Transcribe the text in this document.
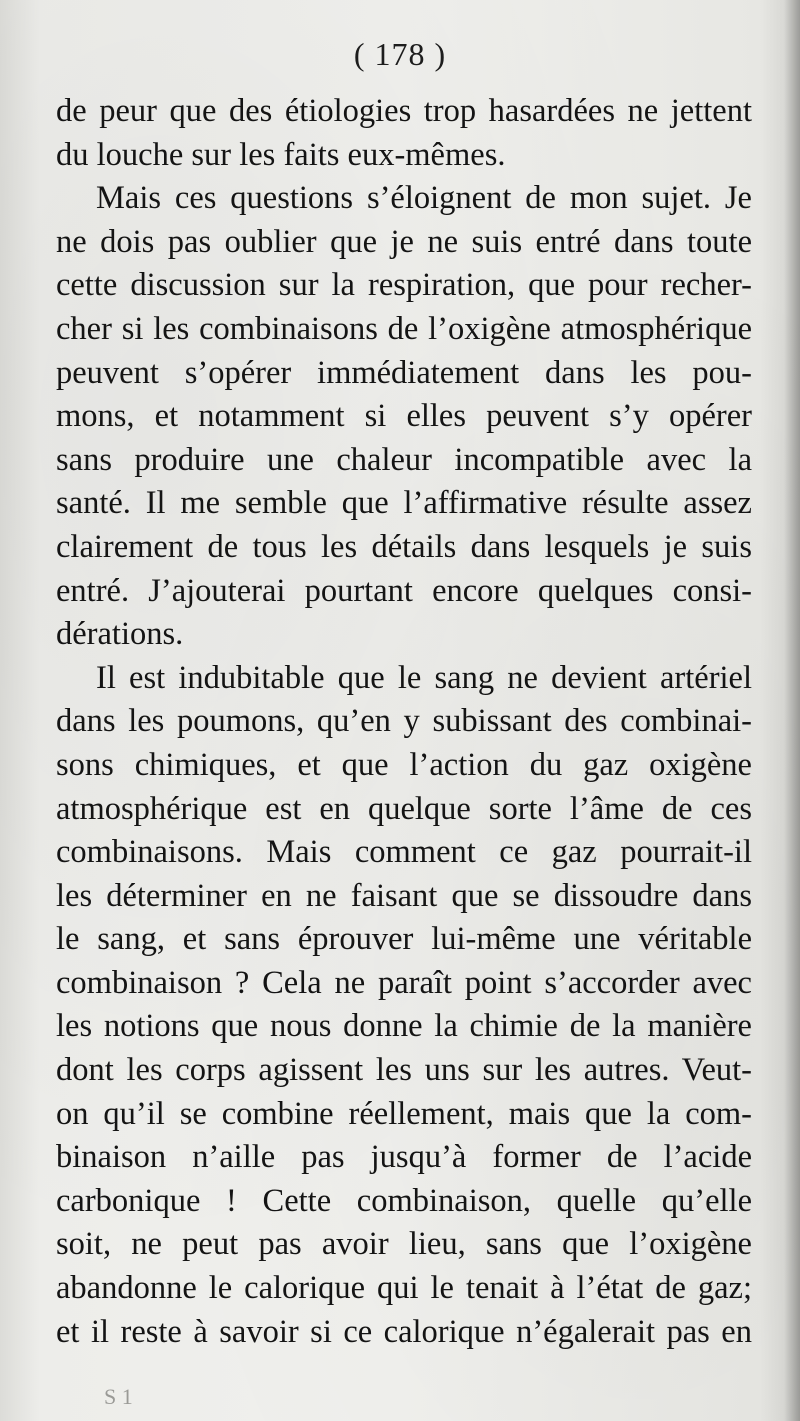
( 178 )
de peur que des étiologies trop hasardées ne jettent
du louche sur les faits eux-mêmes.
Mais ces questions s’éloignent de mon sujet. Je
ne dois pas oublier que je ne suis entré dans toute
cette discussion sur la respiration, que pour recher-
cher si les combinaisons de l’oxigène atmosphérique
peuvent s’opérer immédiatement dans les pou-
mons, et notamment si elles peuvent s’y opérer
sans produire une chaleur incompatible avec la
santé. Il me semble que l’affirmative résulte assez
clairement de tous les détails dans lesquels je suis
entré. J’ajouterai pourtant encore quelques consi-
dérations.
Il est indubitable que le sang ne devient artériel
dans les poumons, qu’en y subissant des combinai-
sons chimiques, et que l’action du gaz oxigène
atmosphérique est en quelque sorte l’âme de ces
combinaisons. Mais comment ce gaz pourrait-il
les déterminer en ne faisant que se dissoudre dans
le sang, et sans éprouver lui-même une véritable
combinaison ? Cela ne paraît point s’accorder avec
les notions que nous donne la chimie de la manière
dont les corps agissent les uns sur les autres. Veut-
on qu’il se combine réellement, mais que la com-
binaison n’aille pas jusqu’à former de l’acide
carbonique ! Cette combinaison, quelle qu’elle
soit, ne peut pas avoir lieu, sans que l’oxigène
abandonne le calorique qui le tenait à l’état de gaz;
et il reste à savoir si ce calorique n’égalerait pas en
S 1
